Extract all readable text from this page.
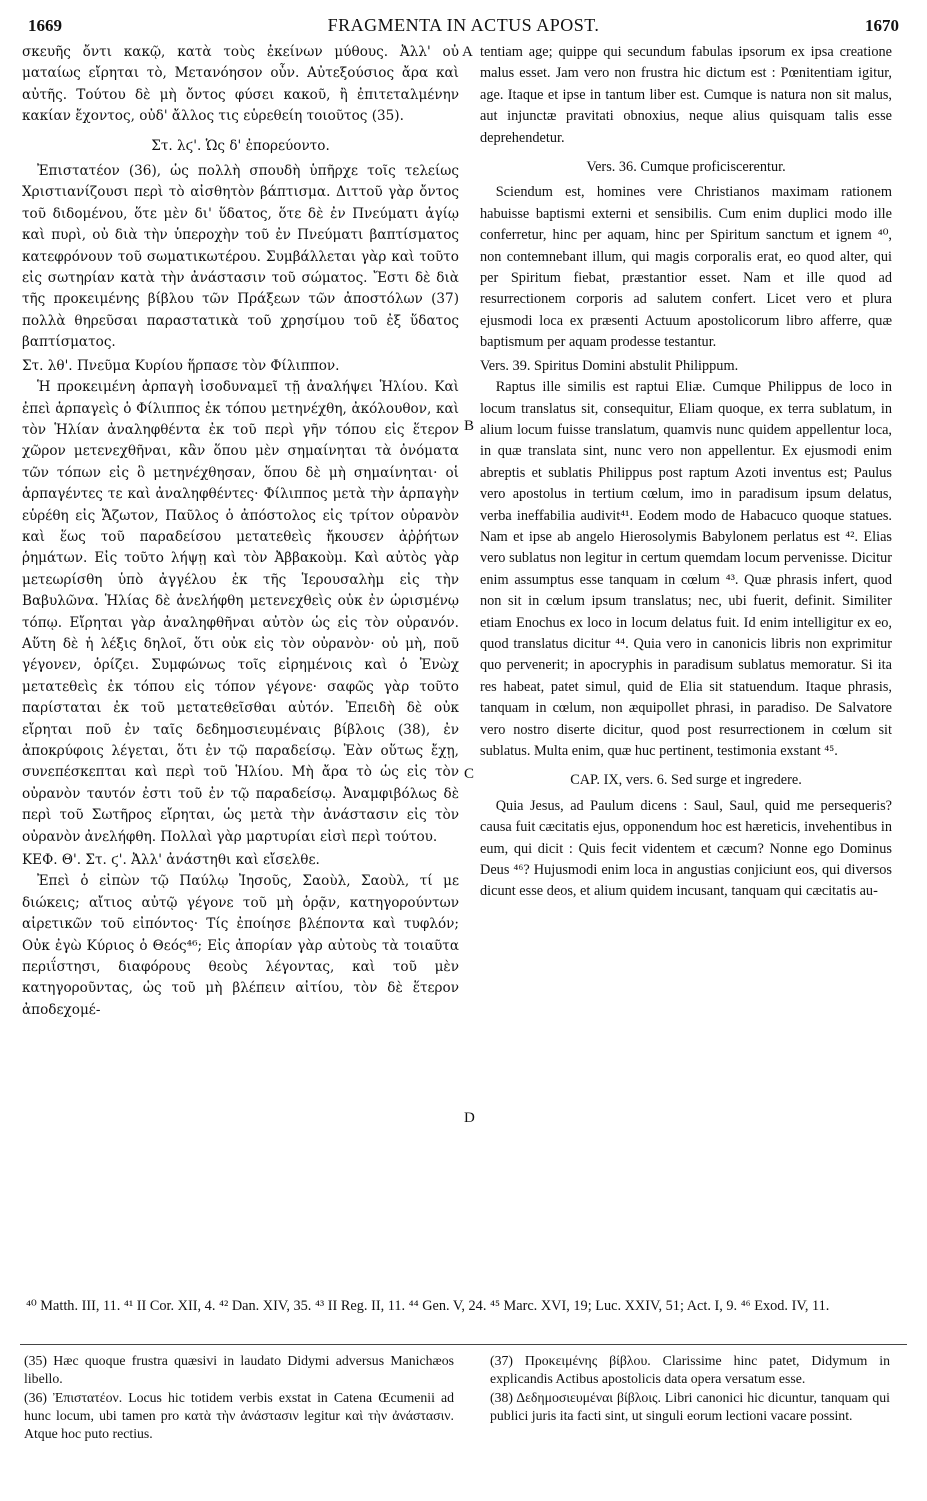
1669	FRAGMENTA IN ACTUS APOST.	1670

σκευῆς ὄντι κακῷ, κατὰ τοὺς ἐκείνων μύθους. Ἀλλ' οὐ ματαίως εἴρηται τὸ, Μετανόησον οὖν. Αὐτεξούσιος ἄρα καὶ αὐτῆς. Τούτου δὲ μὴ ὄντος φύσει κακοῦ, ἢ ἐπιτεταλμένην κακίαν ἔχοντος, οὐδ' ἄλλος τις εὑρεθείη τοιοῦτος (35).

Στ. λϛ'. Ὡς δ' ἐπορεύοντο.

Ἐπιστατέον (36), ὡς πολλὴ σπουδὴ ὑπῆρχε τοῖς τελείως Χριστιανίζουσι περὶ τὸ αἰσθητὸν βάπτισμα. Διττοῦ γὰρ ὄντος τοῦ διδομένου, ὅτε μὲν δι' ὕδατος, ὅτε δὲ ἐν Πνεύματι ἁγίῳ καὶ πυρὶ, οὐ διὰ τὴν ὑπεροχὴν τοῦ ἐν Πνεύματι βαπτίσματος κατεφρόνουν τοῦ σωματικωτέρου. Συμβάλλεται γὰρ καὶ τοῦτο εἰς σωτηρίαν κατὰ τὴν ἀνάστασιν τοῦ σώματος. Ἔστι δὲ διὰ τῆς προκειμένης βίβλου τῶν Πράξεων τῶν ἀποστόλων (37) πολλὰ θηρεῦσαι παραστατικὰ τοῦ χρησίμου τοῦ ἐξ ὕδατος βαπτίσματος.

Στ. λθ'. Πνεῦμα Κυρίου ἥρπασε τὸν Φίλιππον.

Ἡ προκειμένη ἁρπαγὴ ἰσοδυναμεῖ τῇ ἀναλήψει Ἡλίου. Καὶ ἐπεὶ ἁρπαγεὶς ὁ Φίλιππος ἐκ τόπου μετηνέχθη, ἀκόλουθον, καὶ τὸν Ἡλίαν ἀναληφθέντα ἐκ τοῦ περὶ γῆν τόπου εἰς ἕτερον χῶρον μετενεχθῆναι, κἂν ὅπου μὲν σημαίνηται τὰ ὀνόματα τῶν τόπων εἰς ὃ μετηνέχθησαν, ὅπου δὲ μὴ σημαίνηται· οἱ ἁρπαγέντες τε καὶ ἀναληφθέντες· Φίλιππος μετὰ τὴν ἁρπαγὴν εὑρέθη εἰς Ἄζωτον, Παῦλος ὁ ἀπόστολος εἰς τρίτον οὐρανὸν καὶ ἕως τοῦ παραδείσου μετατεθεὶς ἤκουσεν ἀῤῥήτων ῥημάτων. Εἰς τοῦτο λήψῃ καὶ τὸν Ἀββακοὺμ. Καὶ αὐτὸς γὰρ μετεωρίσθη ὑπὸ ἀγγέλου ἐκ τῆς Ἱερουσαλὴμ εἰς τὴν Βαβυλῶνα. Ἡλίας δὲ ἀνελήφθη μετενεχθεὶς οὐκ ἐν ὡρισμένῳ τόπῳ. Εἴρηται γὰρ ἀναληφθῆναι αὐτὸν ὡς εἰς τὸν οὐρανόν. Αὕτη δὲ ἡ λέξις δηλοῖ, ὅτι οὐκ εἰς τὸν οὐρανὸν· οὐ μὴ, ποῦ γέγονεν, ὁρίζει. Συμφώνως τοῖς εἰρημένοις καὶ ὁ Ἐνὼχ μετατεθεὶς ἐκ τόπου εἰς τόπον γέγονε· σαφῶς γὰρ τοῦτο παρίσταται ἐκ τοῦ μετατεθεῖσθαι αὐτόν. Ἐπειδὴ δὲ οὐκ εἴρηται ποῦ ἐν ταῖς δεδημοσιευμέναις βίβλοις (38), ἐν ἀποκρύφοις λέγεται, ὅτι ἐν τῷ παραδείσῳ. Ἐὰν οὕτως ἔχῃ, συνεπέσκεπται καὶ περὶ τοῦ Ἡλίου. Μὴ ἄρα τὸ ὡς εἰς τὸν οὐρανὸν ταυτόν ἐστι τοῦ ἐν τῷ παραδείσῳ. Ἀναμφιβόλως δὲ περὶ τοῦ Σωτῆρος εἴρηται, ὡς μετὰ τὴν ἀνάστασιν εἰς τὸν οὐρανὸν ἀνελήφθη. Πολλαὶ γὰρ μαρτυρίαι εἰσὶ περὶ τούτου.

ΚΕΦ. Θ'. Στ. ϛ'. Ἀλλ' ἀνάστηθι καὶ εἴσελθε.

Ἐπεὶ ὁ εἰπὼν τῷ Παύλῳ Ἰησοῦς, Σαοὺλ, Σαοὺλ, τί με διώκεις; αἴτιος αὐτῷ γέγονε τοῦ μὴ ὁρᾷν, κατηγορούντων αἱρετικῶν τοῦ εἰπόντος· Τίς ἐποίησε βλέποντα καὶ τυφλόν; Οὐκ ἐγὼ Κύριος ὁ Θεός⁴⁶; Εἰς ἀπορίαν γὰρ αὐτοὺς τὰ τοιαῦτα περιΐστησι, διαφόρους θεοὺς λέγοντας, καὶ τοῦ μὲν κατηγοροῦντας, ὡς τοῦ μὴ βλέπειν αἰτίου, τὸν δὲ ἕτερον ἀποδεχομέ-

A
B
C
D

tentiam age; quippe qui secundum fabulas ipsorum ex ipsa creatione malus esset. Jam vero non frustra hic dictum est : Pœnitentiam igitur, age. Itaque et ipse in tantum liber est. Cumque is natura non sit malus, aut injunctæ pravitati obnoxius, neque alius quisquam talis esse deprehendetur.

Vers. 36. Cumque proficiscerentur.

Sciendum est, homines vere Christianos maximam rationem habuisse baptismi externi et sensibilis. Cum enim duplici modo ille conferretur, hinc per aquam, hinc per Spiritum sanctum et ignem ⁴⁰, non contemnebant illum, qui magis corporalis erat, eo quod alter, qui per Spiritum fiebat, præstantior esset. Nam et ille quod ad resurrectionem corporis ad salutem confert. Licet vero et plura ejusmodi loca ex præsenti Actuum apostolicorum libro afferre, quæ baptismum per aquam prodesse testantur.

Vers. 39. Spiritus Domini abstulit Philippum.

Raptus ille similis est raptui Eliæ. Cumque Philippus de loco in locum translatus sit, consequitur, Eliam quoque, ex terra sublatum, in alium locum fuisse translatum, quamvis nunc quidem appellentur loca, in quæ translata sint, nunc vero non appellentur. Ex ejusmodi enim abreptis et sublatis Philippus post raptum Azoti inventus est; Paulus vero apostolus in tertium cœlum, imo in paradisum ipsum delatus, verba ineffabilia audivit⁴¹. Eodem modo de Habacuco quoque statues. Nam et ipse ab angelo Hierosolymis Babylonem perlatus est ⁴². Elias vero sublatus non legitur in certum quemdam locum pervenisse. Dicitur enim assumptus esse tanquam in cœlum ⁴³. Quæ phrasis infert, quod non sit in cœlum ipsum translatus; nec, ubi fuerit, definit. Similiter etiam Enochus ex loco in locum delatus fuit. Id enim intelligitur ex eo, quod translatus dicitur ⁴⁴. Quia vero in canonicis libris non exprimitur quo pervenerit; in apocryphis in paradisum sublatus memoratur. Si ita res habeat, patet simul, quid de Elia sit statuendum. Itaque phrasis, tanquam in cœlum, non æquipollet phrasi, in paradiso. De Salvatore vero nostro diserte dicitur, quod post resurrectionem in cœlum sit sublatus. Multa enim, quæ huc pertinent, testimonia exstant ⁴⁵.

CAP. IX, vers. 6. Sed surge et ingredere.

Quia Jesus, ad Paulum dicens : Saul, Saul, quid me persequeris? causa fuit cæcitatis ejus, opponendum hoc est hæreticis, invehentibus in eum, qui dicit : Quis fecit videntem et cæcum? Nonne ego Dominus Deus ⁴⁶? Hujusmodi enim loca in angustias conjiciunt eos, qui diversos dicunt esse deos, et alium quidem incusant, tanquam qui cæcitatis au-

⁴⁰ Matth. III, 11. ⁴¹ II Cor. XII, 4. ⁴² Dan. XIV, 35. ⁴³ II Reg. II, 11. ⁴⁴ Gen. V, 24. ⁴⁵ Marc. XVI, 19; Luc. XXIV, 51; Act. I, 9. ⁴⁶ Exod. IV, 11.

(35) Hæc quoque frustra quæsivi in laudato Didymi adversus Manichæos libello.

(36) Ἐπιστατέον. Locus hic totidem verbis exstat in Catena Œcumenii ad hunc locum, ubi tamen pro κατὰ τὴν ἀνάστασιν legitur καὶ τὴν ἀνάστασιν. Atque hoc puto rectius.

(37) Προκειμένης βίβλου. Clarissime hinc patet, Didymum in explicandis Actibus apostolicis data opera versatum esse.

(38) Δεδημοσιευμέναι βίβλοις. Libri canonici hic dicuntur, tanquam qui publici juris ita facti sint, ut singuli eorum lectioni vacare possint.
